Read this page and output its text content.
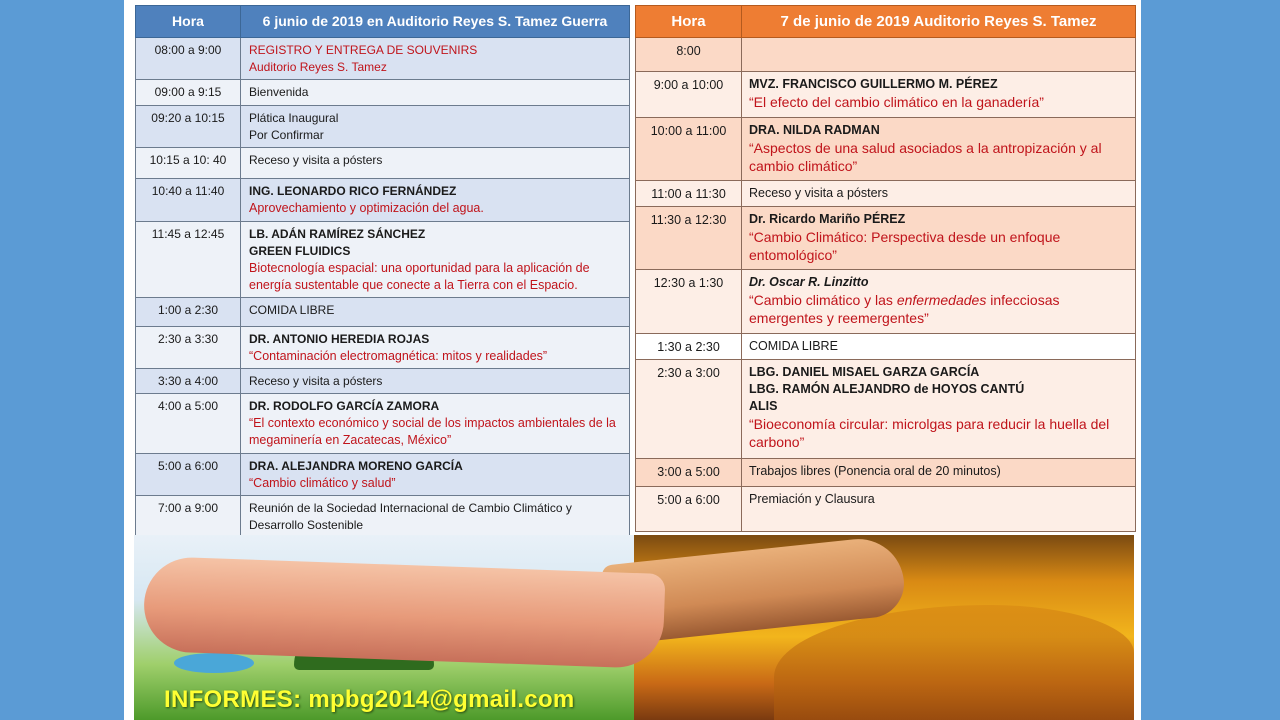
Hora	6 junio de 2019 en Auditorio Reyes S. Tamez Guerra
08:00 a 9:00	REGISTRO Y ENTREGA DE SOUVENIRS
Auditorio Reyes S. Tamez

09:00 a 9:15	Bienvenida

09:20 a 10:15	Plática Inaugural
Por Confirmar

10:15 a 10: 40	Receso y visita a pósters

10:40 a 11:40	ING. LEONARDO RICO FERNÁNDEZ
Aprovechamiento y optimización del agua.

11:45 a 12:45	LB. ADÁN RAMÍREZ SÁNCHEZ
GREEN FLUIDICS
Biotecnología espacial: una oportunidad para la aplicación de energía sustentable que conecte a la Tierra con el Espacio.

1:00 a 2:30	COMIDA LIBRE

2:30 a 3:30	DR. ANTONIO HEREDIA ROJAS
“Contaminación electromagnética: mitos y realidades”

3:30 a 4:00	Receso y visita a pósters

4:00 a 5:00	DR. RODOLFO GARCÍA ZAMORA
“El contexto económico y social de los impactos ambientales de la megaminería en Zacatecas, México”

5:00 a 6:00	DRA. ALEJANDRA MORENO GARCÍA
“Cambio climático y salud”

7:00 a 9:00	Reunión de la Sociedad Internacional de Cambio Climático y Desarrollo Sostenible
Hora	7 de junio de 2019 Auditorio Reyes S. Tamez
8:00	
9:00 a 10:00	MVZ. FRANCISCO GUILLERMO M. PÉREZ
“El efecto del cambio climático en la ganadería”

10:00 a 11:00	DRA. NILDA RADMAN
“Aspectos de una salud asociados a la antropización y al cambio climático”

11:00 a 11:30	Receso y visita a pósters

11:30 a 12:30	Dr. Ricardo Mariño PÉREZ
“Cambio Climático: Perspectiva desde un enfoque entomológico”

12:30 a 1:30	Dr. Oscar R. Linzitto
“Cambio climático y las enfermedades infecciosas emergentes y reemergentes”

1:30 a 2:30	COMIDA LIBRE

2:30 a 3:00	LBG. DANIEL MISAEL GARZA GARCÍA
LBG. RAMÓN ALEJANDRO de HOYOS CANTÚ
ALIS
“Bioeconomía circular: microlgas para reducir la huella del carbono”

3:00 a 5:00	Trabajos libres (Ponencia oral de 20 minutos)

5:00 a 6:00	Premiación y Clausura
INFORMES: mpbg2014@gmail.com
